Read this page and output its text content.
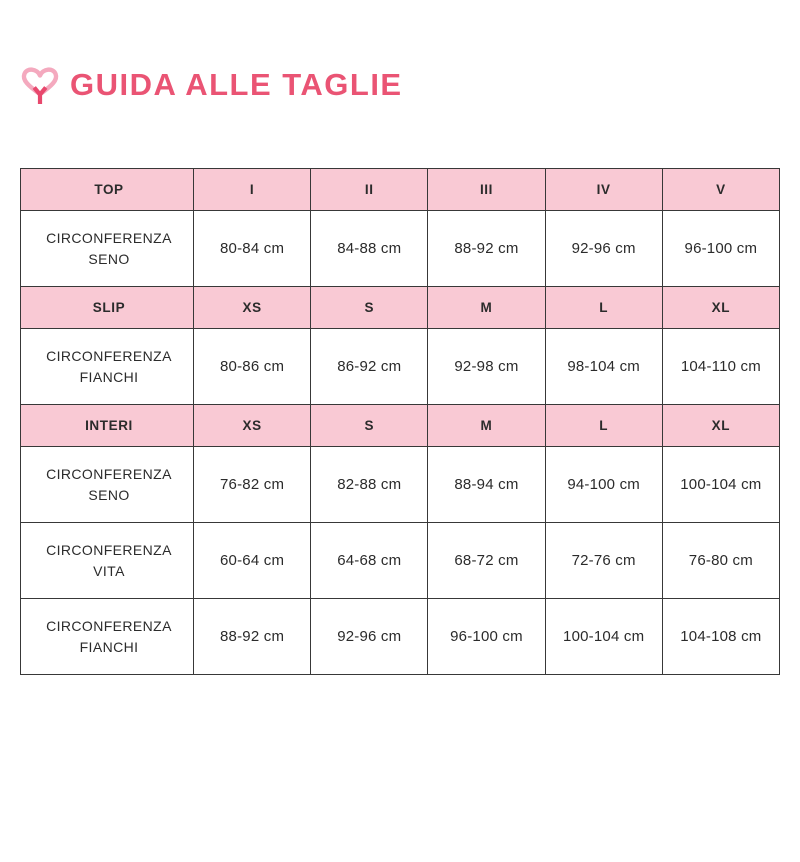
GUIDA ALLE TAGLIE
TOP	I	II	III	IV	V
CIRCONFERENZA SENO	80-84 cm	84-88 cm	88-92 cm	92-96 cm	96-100 cm
SLIP	XS	S	M	L	XL
CIRCONFERENZA FIANCHI	80-86 cm	86-92 cm	92-98 cm	98-104 cm	104-110 cm
INTERI	XS	S	M	L	XL
CIRCONFERENZA SENO	76-82 cm	82-88 cm	88-94 cm	94-100 cm	100-104 cm
CIRCONFERENZA VITA	60-64 cm	64-68 cm	68-72 cm	72-76 cm	76-80 cm
CIRCONFERENZA FIANCHI	88-92 cm	92-96 cm	96-100 cm	100-104 cm	104-108 cm
